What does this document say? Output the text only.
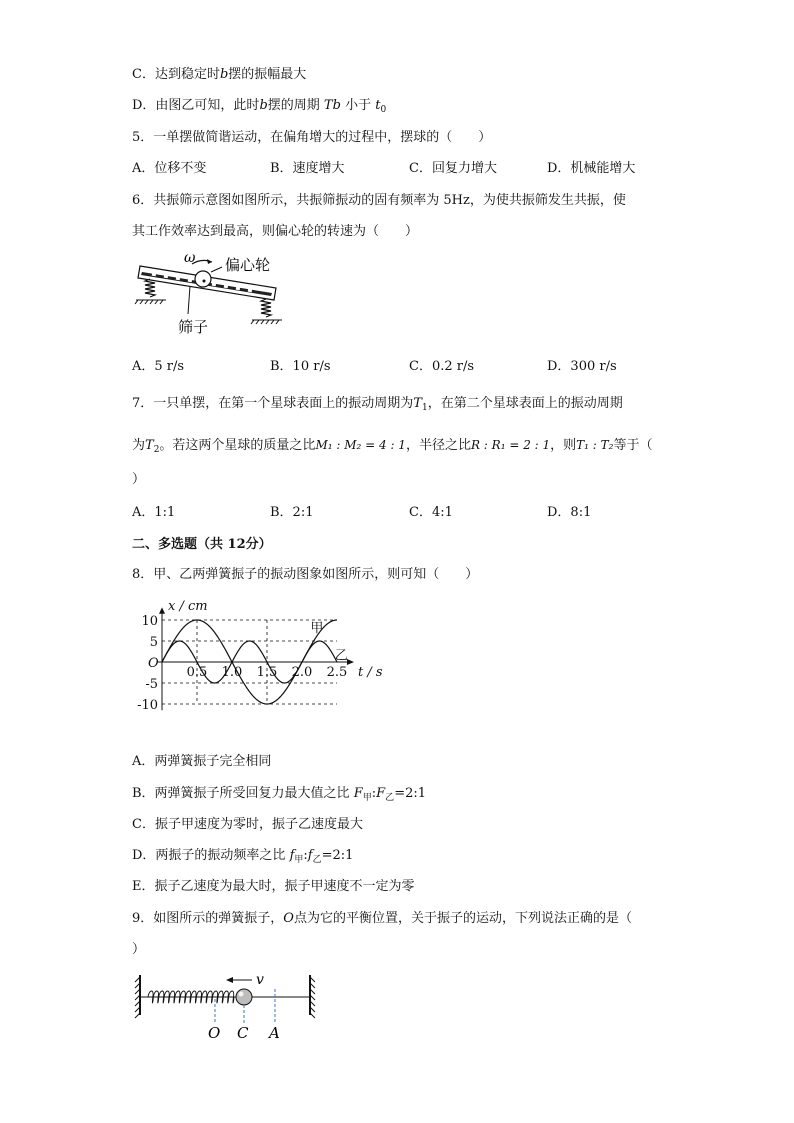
C．达到稳定时b摆的振幅最大
D．由图乙可知，此时b摆的周期 Tb 小于 $t_0$
5．一单摆做简谐运动，在偏角增大的过程中，摆球的（　　）
A．位移不变	B．速度增大	C．回复力增大	D．机械能增大
6．共振筛示意图如图所示，共振筛振动的固有频率为 5Hz，为使共振筛发生共振，使
其工作效率达到最高，则偏心轮的转速为（　　）
ω 偏心轮
筛子
A．5 r/s	B．10 r/s	C．0.2 r/s	D．300 r/s
7．一只单摆，在第一个星球表面上的振动周期为$T_1$，在第二个星球表面上的振动周期
为$T_2$。若这两个星球的质量之比M₁ : M₂ = 4 : 1，半径之比R : R₁ = 2 : 1，则T₁ : T₂等于（
）
A．1:1	B．2:1	C．4:1	D．8:1
二、多选题（共 12分）
8．甲、乙两弹簧振子的振动图象如图所示，则可知（　　）
10
5
-5
-10
0.5 1.0 1.5 2.0 2.5
O
x / cm
t / s
甲
乙
A．两弹簧振子完全相同
B．两弹簧振子所受回复力最大值之比 $F_甲:F_乙=2:1$
C．振子甲速度为零时，振子乙速度最大
D．两振子的振动频率之比 $f_甲:f_乙=2:1$
E．振子乙速度为最大时，振子甲速度不一定为零
9．如图所示的弹簧振子，O点为它的平衡位置，关于振子的运动，下列说法正确的是（
）
v
O C A
